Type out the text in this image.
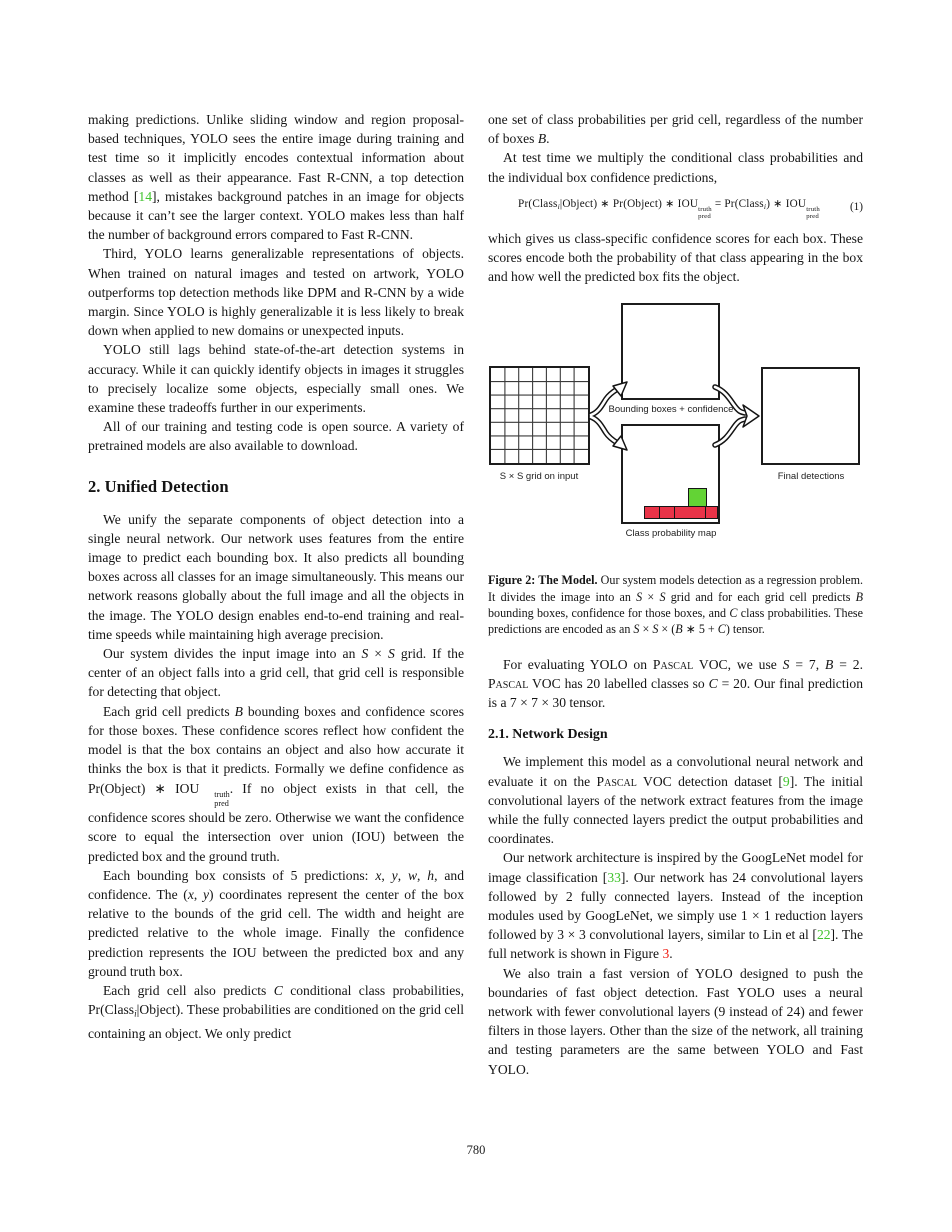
making predictions. Unlike sliding window and region proposal-based techniques, YOLO sees the entire image during training and test time so it implicitly encodes contextual information about classes as well as their appearance. Fast R-CNN, a top detection method [14], mistakes background patches in an image for objects because it can’t see the larger context. YOLO makes less than half the number of background errors compared to Fast R-CNN.

Third, YOLO learns generalizable representations of objects. When trained on natural images and tested on artwork, YOLO outperforms top detection methods like DPM and R-CNN by a wide margin. Since YOLO is highly generalizable it is less likely to break down when applied to new domains or unexpected inputs.

YOLO still lags behind state-of-the-art detection systems in accuracy. While it can quickly identify objects in images it struggles to precisely localize some objects, especially small ones. We examine these tradeoffs further in our experiments.

All of our training and testing code is open source. A variety of pretrained models are also available to download.

2. Unified Detection

We unify the separate components of object detection into a single neural network. Our network uses features from the entire image to predict each bounding box. It also predicts all bounding boxes across all classes for an image simultaneously. This means our network reasons globally about the full image and all the objects in the image. The YOLO design enables end-to-end training and real-time speeds while maintaining high average precision.

Our system divides the input image into an S × S grid. If the center of an object falls into a grid cell, that grid cell is responsible for detecting that object.

Each grid cell predicts B bounding boxes and confidence scores for those boxes. These confidence scores reflect how confident the model is that the box contains an object and also how accurate it thinks the box is that it predicts. Formally we define confidence as Pr(Object) ∗ IOU	truth
pred
. If no object exists in that cell, the confidence scores should be zero. Otherwise we want the confidence score to equal the intersection over union (IOU) between the predicted box and the ground truth.

Each bounding box consists of 5 predictions: x, y, w, h, and confidence. The (x, y) coordinates represent the center of the box relative to the bounds of the grid cell. The width and height are predicted relative to the whole image. Finally the confidence prediction represents the IOU between the predicted box and any ground truth box.

Each grid cell also predicts C conditional class probabilities, Pr(Classi|Object). These probabilities are conditioned on the grid cell containing an object. We only predict

one set of class probabilities per grid cell, regardless of the number of boxes B.

At test time we multiply the conditional class probabilities and the individual box confidence predictions,

Pr(Classi|Object) ∗ Pr(Object) ∗ IOU truth
pred
= Pr(Classi) ∗ IOU truth
pred
(1)

which gives us class-specific confidence scores for each box. These scores encode both the probability of that class appearing in the box and how well the predicted box fits the object.

S × S grid on input
Bounding boxes + confidence
Class probability map
Final detections
Figure 2: The Model. Our system models detection as a regression problem. It divides the image into an S × S grid and for each grid cell predicts B bounding boxes, confidence for those boxes, and C class probabilities. These predictions are encoded as an S × S × (B ∗ 5 + C) tensor.

For evaluating YOLO on Pascal VOC, we use S = 7, B = 2. Pascal VOC has 20 labelled classes so C = 20. Our final prediction is a 7 × 7 × 30 tensor.

2.1. Network Design

We implement this model as a convolutional neural network and evaluate it on the Pascal VOC detection dataset [9]. The initial convolutional layers of the network extract features from the image while the fully connected layers predict the output probabilities and coordinates.

Our network architecture is inspired by the GoogLeNet model for image classification [33]. Our network has 24 convolutional layers followed by 2 fully connected layers. Instead of the inception modules used by GoogLeNet, we simply use 1 × 1 reduction layers followed by 3 × 3 convolutional layers, similar to Lin et al [22]. The full network is shown in Figure 3.

We also train a fast version of YOLO designed to push the boundaries of fast object detection. Fast YOLO uses a neural network with fewer convolutional layers (9 instead of 24) and fewer filters in those layers. Other than the size of the network, all training and testing parameters are the same between YOLO and Fast YOLO.

780
